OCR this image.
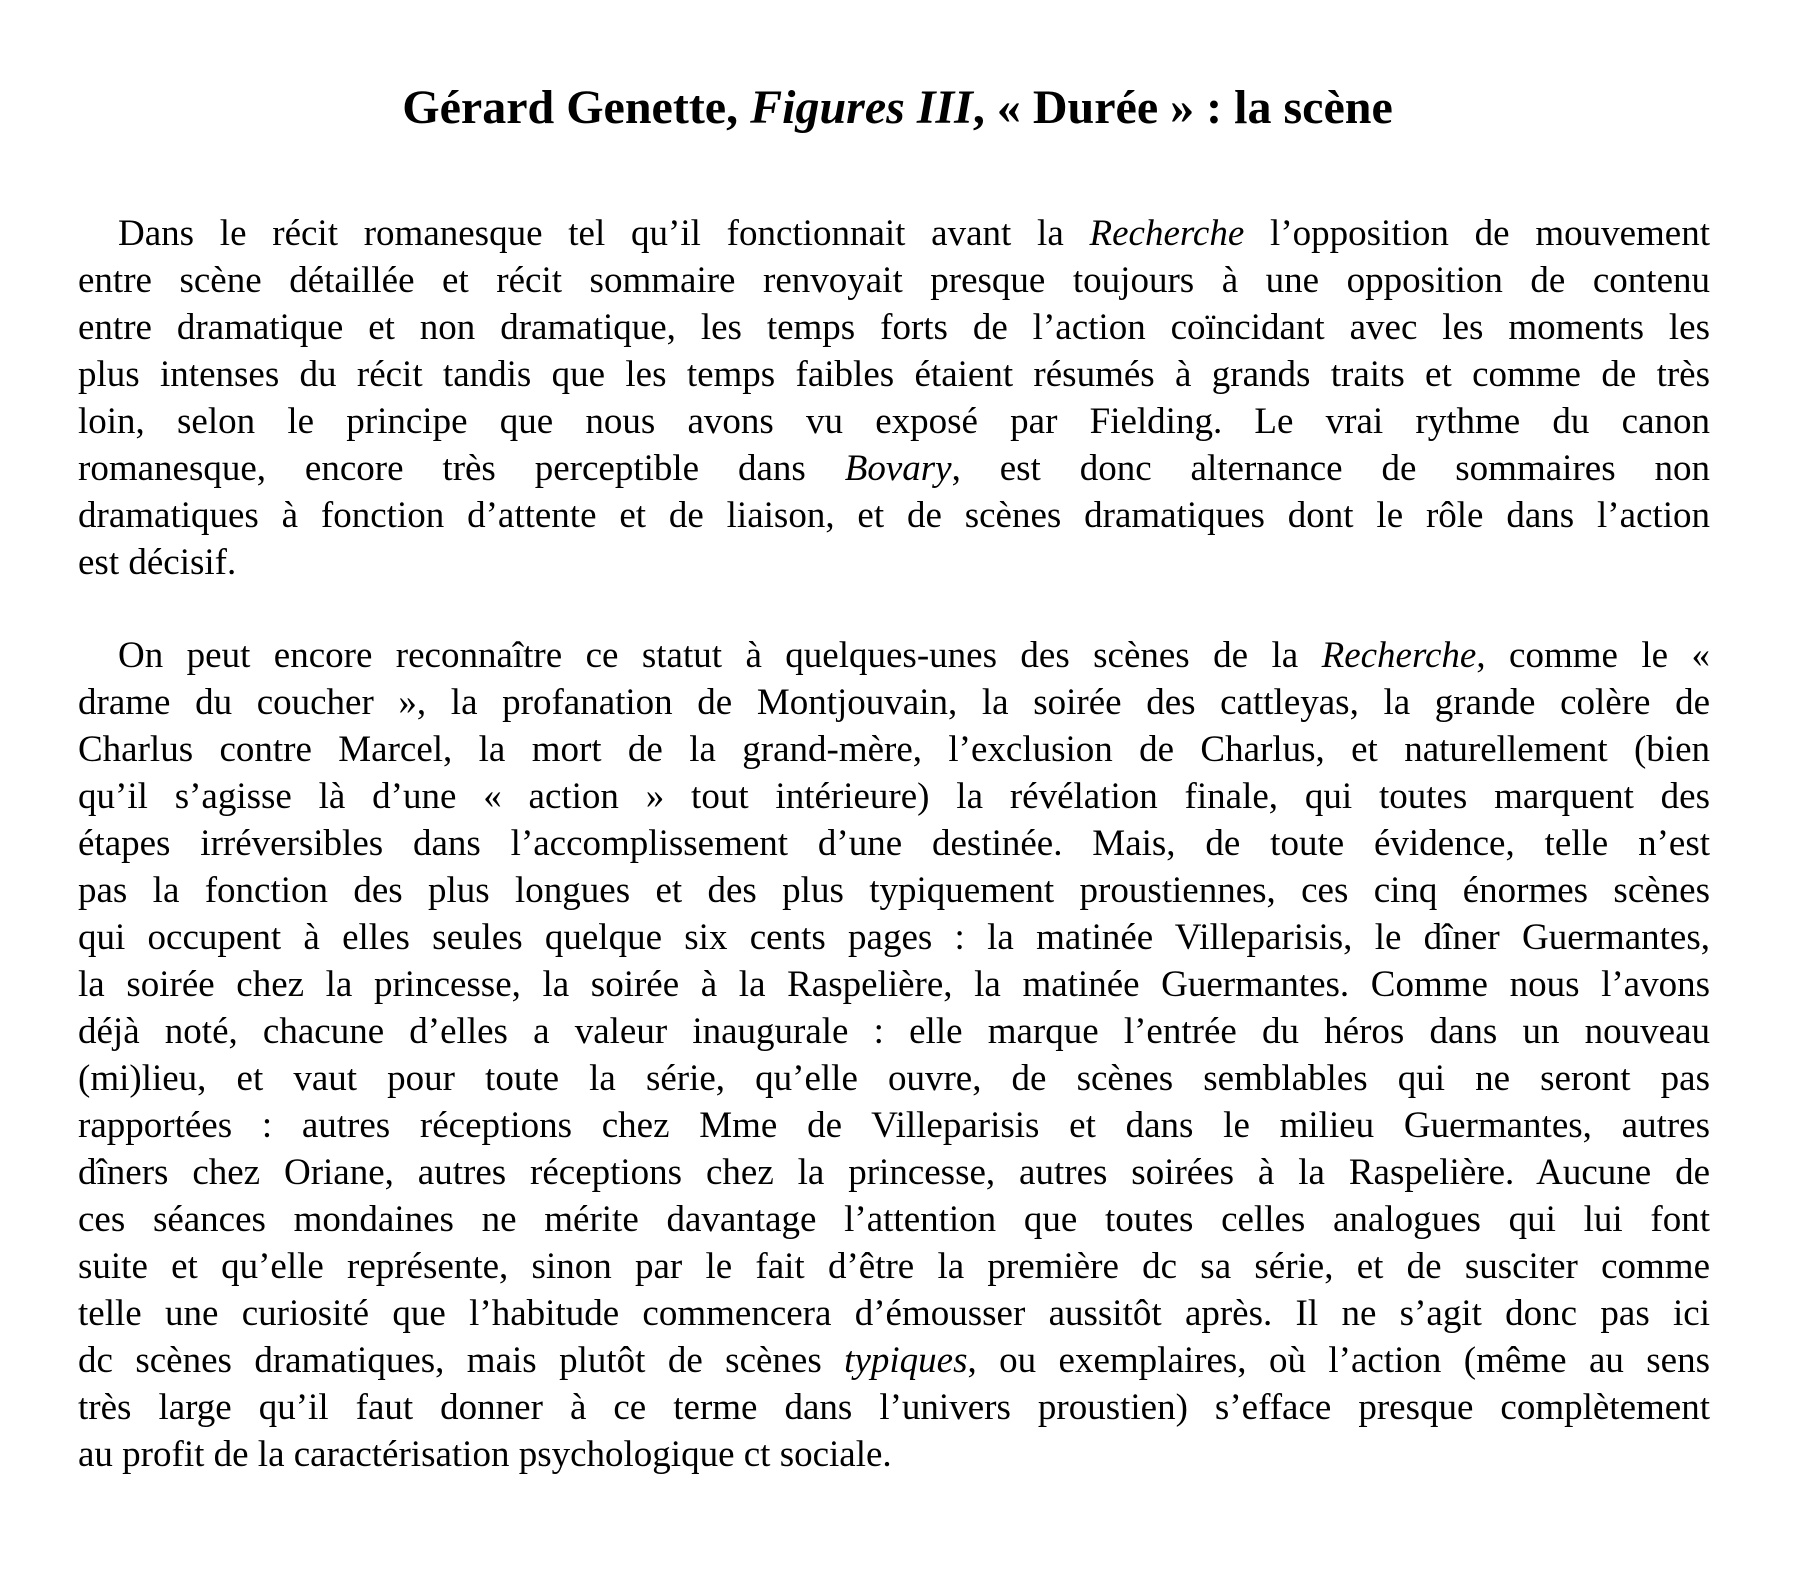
Gérard Genette, Figures III, « Durée » : la scène
Dans le récit romanesque tel qu’il fonctionnait avant la Recherche l’opposition de mouvement
entre scène détaillée et récit sommaire renvoyait presque toujours à une opposition de contenu
entre dramatique et non dramatique, les temps forts de l’action coïncidant avec les moments les
plus intenses du récit tandis que les temps faibles étaient résumés à grands traits et comme de très
loin, selon le principe que nous avons vu exposé par Fielding. Le vrai rythme du canon
romanesque, encore très perceptible dans Bovary, est donc alternance de sommaires non
dramatiques à fonction d’attente et de liaison, et de scènes dramatiques dont le rôle dans l’action
est décisif.
On peut encore reconnaître ce statut à quelques-unes des scènes de la Recherche, comme le «
drame du coucher », la profanation de Montjouvain, la soirée des cattleyas, la grande colère de
Charlus contre Marcel, la mort de la grand-mère, l’exclusion de Charlus, et naturellement (bien
qu’il s’agisse là d’une « action » tout intérieure) la révélation finale, qui toutes marquent des
étapes irréversibles dans l’accomplissement d’une destinée. Mais, de toute évidence, telle n’est
pas la fonction des plus longues et des plus typiquement proustiennes, ces cinq énormes scènes
qui occupent à elles seules quelque six cents pages : la matinée Villeparisis, le dîner Guermantes,
la soirée chez la princesse, la soirée à la Raspelière, la matinée Guermantes. Comme nous l’avons
déjà noté, chacune d’elles a valeur inaugurale : elle marque l’entrée du héros dans un nouveau
(mi)lieu, et vaut pour toute la série, qu’elle ouvre, de scènes semblables qui ne seront pas
rapportées : autres réceptions chez Mme de Villeparisis et dans le milieu Guermantes, autres
dîners chez Oriane, autres réceptions chez la princesse, autres soirées à la Raspelière. Aucune de
ces séances mondaines ne mérite davantage l’attention que toutes celles analogues qui lui font
suite et qu’elle représente, sinon par le fait d’être la première dc sa série, et de susciter comme
telle une curiosité que l’habitude commencera d’émousser aussitôt après. Il ne s’agit donc pas ici
dc scènes dramatiques, mais plutôt de scènes typiques, ou exemplaires, où l’action (même au sens
très large qu’il faut donner à ce terme dans l’univers proustien) s’efface presque complètement
au profit de la caractérisation psychologique ct sociale.
